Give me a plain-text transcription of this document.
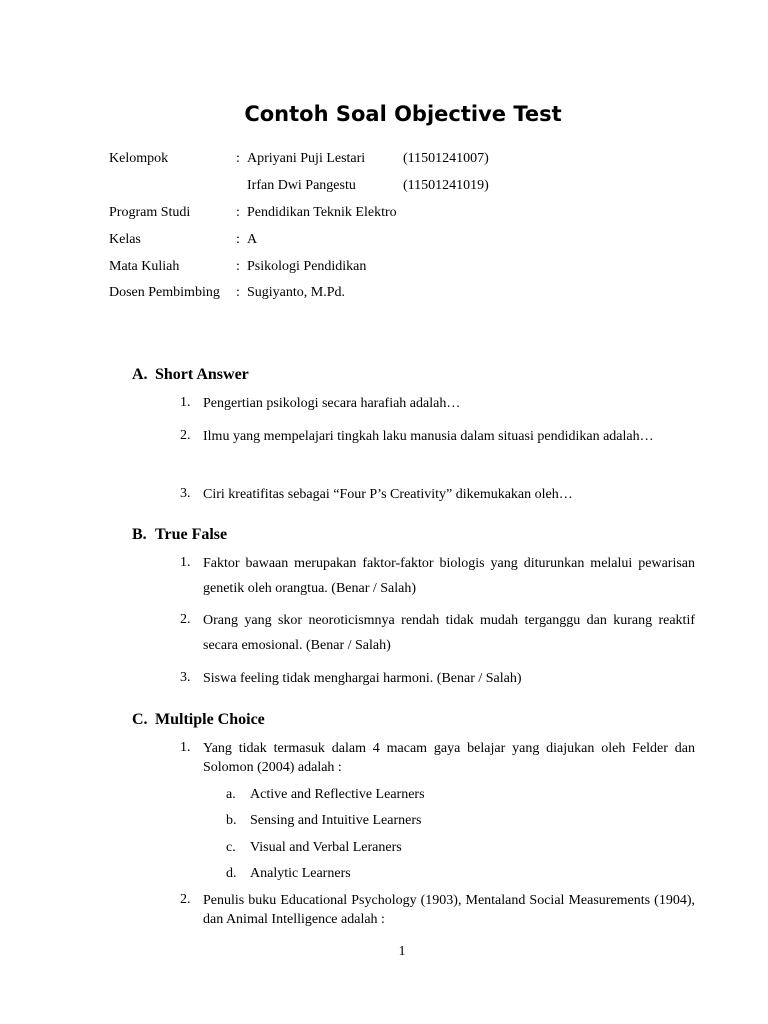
Contoh Soal Objective Test
Kelompok	: Apriyani Puji Lestari	(11501241007)
Irfan Dwi Pangestu	(11501241019)
Program Studi	: Pendidikan Teknik Elektro
Kelas	: A
Mata Kuliah	: Psikologi Pendidikan
Dosen Pembimbing : Sugiyanto, M.Pd.
A. Short Answer
1. Pengertian psikologi secara harafiah adalah…
2. Ilmu yang mempelajari tingkah laku manusia dalam situasi pendidikan adalah…
3. Ciri kreatifitas sebagai “Four P’s Creativity” dikemukakan oleh…
B. True False
1. Faktor bawaan merupakan faktor-faktor biologis yang diturunkan melalui pewarisan genetik oleh orangtua. (Benar / Salah)
2. Orang yang skor neoroticismnya rendah tidak mudah terganggu dan kurang reaktif secara emosional. (Benar / Salah)
3. Siswa feeling tidak menghargai harmoni. (Benar / Salah)
C. Multiple Choice
1. Yang tidak termasuk dalam 4 macam gaya belajar yang diajukan oleh Felder dan Solomon (2004) adalah :
a. Active and Reflective Learners
b. Sensing and Intuitive Learners
c. Visual and Verbal Leraners
d. Analytic Learners
2. Penulis buku Educational Psychology (1903), Mentaland Social Measurements (1904), dan Animal Intelligence adalah :
1
